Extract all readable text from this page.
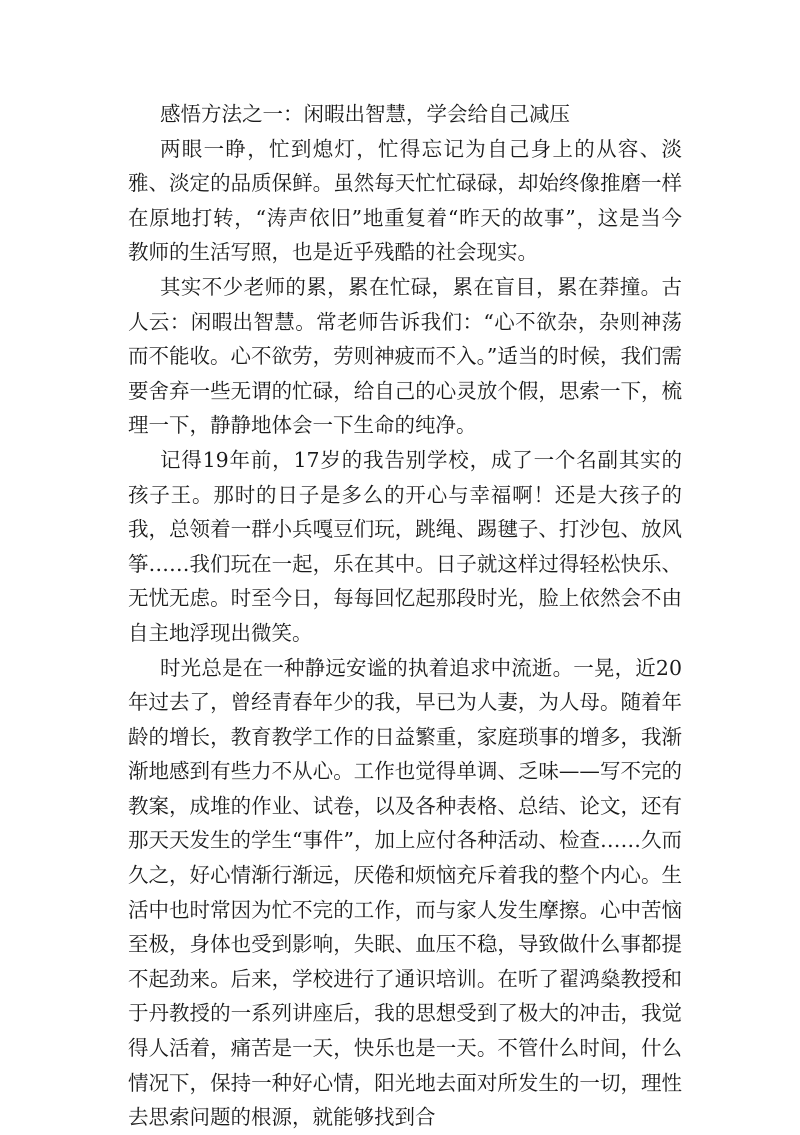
感悟方法之一：闲暇出智慧，学会给自己减压

两眼一睁，忙到熄灯，忙得忘记为自己身上的从容、淡雅、淡定的品质保鲜。虽然每天忙忙碌碌，却始终像推磨一样在原地打转，“涛声依旧”地重复着“昨天的故事”，这是当今教师的生活写照，也是近乎残酷的社会现实。

其实不少老师的累，累在忙碌，累在盲目，累在莽撞。古人云：闲暇出智慧。常老师告诉我们：“心不欲杂，杂则神荡而不能收。心不欲劳，劳则神疲而不入。”适当的时候，我们需要舍弃一些无谓的忙碌，给自己的心灵放个假，思索一下，梳理一下，静静地体会一下生命的纯净。

记得19年前，17岁的我告别学校，成了一个名副其实的孩子王。那时的日子是多么的开心与幸福啊！还是大孩子的我，总领着一群小兵嘎豆们玩，跳绳、踢毽子、打沙包、放风筝……我们玩在一起，乐在其中。日子就这样过得轻松快乐、无忧无虑。时至今日，每每回忆起那段时光，脸上依然会不由自主地浮现出微笑。

时光总是在一种静远安谧的执着追求中流逝。一晃，近20年过去了，曾经青春年少的我，早已为人妻，为人母。随着年龄的增长，教育教学工作的日益繁重，家庭琐事的增多，我渐渐地感到有些力不从心。工作也觉得单调、乏味——写不完的教案，成堆的作业、试卷，以及各种表格、总结、论文，还有那天天发生的学生“事件”，加上应付各种活动、检查……久而久之，好心情渐行渐远，厌倦和烦恼充斥着我的整个内心。生活中也时常因为忙不完的工作，而与家人发生摩擦。心中苦恼至极，身体也受到影响，失眠、血压不稳，导致做什么事都提不起劲来。后来，学校进行了通识培训。在听了翟鸿燊教授和于丹教授的一系列讲座后，我的思想受到了极大的冲击，我觉得人活着，痛苦是一天，快乐也是一天。不管什么时间，什么情况下，保持一种好心情，阳光地去面对所发生的一切，理性去思索问题的根源，就能够找到合
